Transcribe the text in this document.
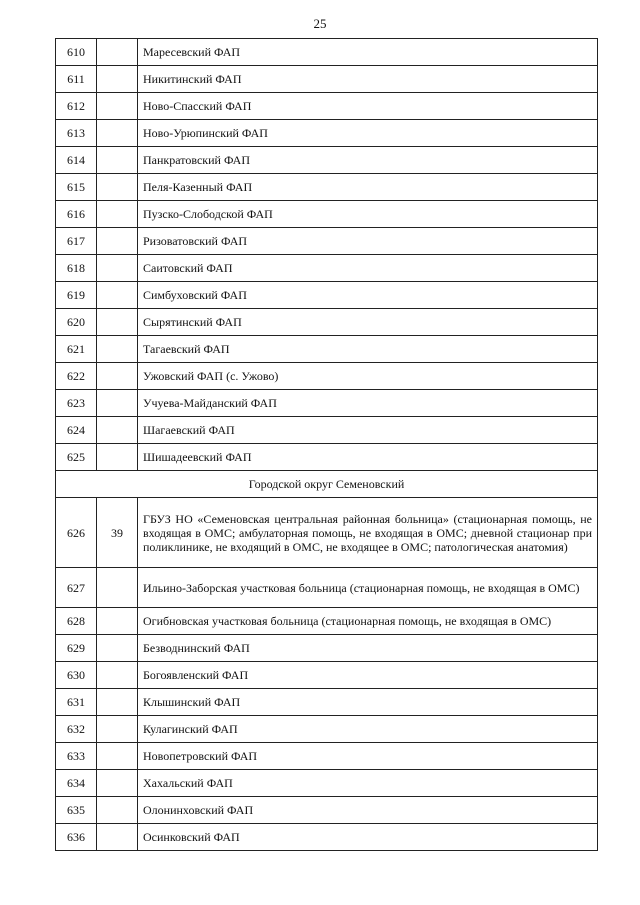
25
610		Маресевский ФАП
611		Никитинский ФАП
612		Ново-Спасский ФАП
613		Ново-Урюпинский ФАП
614		Панкратовский ФАП
615		Пеля-Казенный ФАП
616		Пузско-Слободской ФАП
617		Ризоватовский ФАП
618		Саитовский ФАП
619		Симбуховский ФАП
620		Сырятинский ФАП
621		Тагаевский ФАП
622		Ужовский ФАП (с. Ужово)
623		Учуева-Майданский ФАП
624		Шагаевский ФАП
625		Шишадеевский ФАП
Городской округ Семеновский		
626	39	ГБУЗ НО «Семеновская центральная районная больница» (стационарная помощь, не входящая в ОМС; амбулаторная помощь, не входящая в ОМС; дневной стационар при поликлинике, не входящий в ОМС, не входящее в ОМС; патологическая анатомия)
627		Ильино-Заборская участковая больница (стационарная помощь, не входящая в ОМС)
628		Огибновская участковая больница (стационарная помощь, не входящая в ОМС)
629		Безводнинский ФАП
630		Богоявленский ФАП
631		Клышинский ФАП
632		Кулагинский ФАП
633		Новопетровский ФАП
634		Хахальский ФАП
635		Олонинховский ФАП
636		Осинковский ФАП
